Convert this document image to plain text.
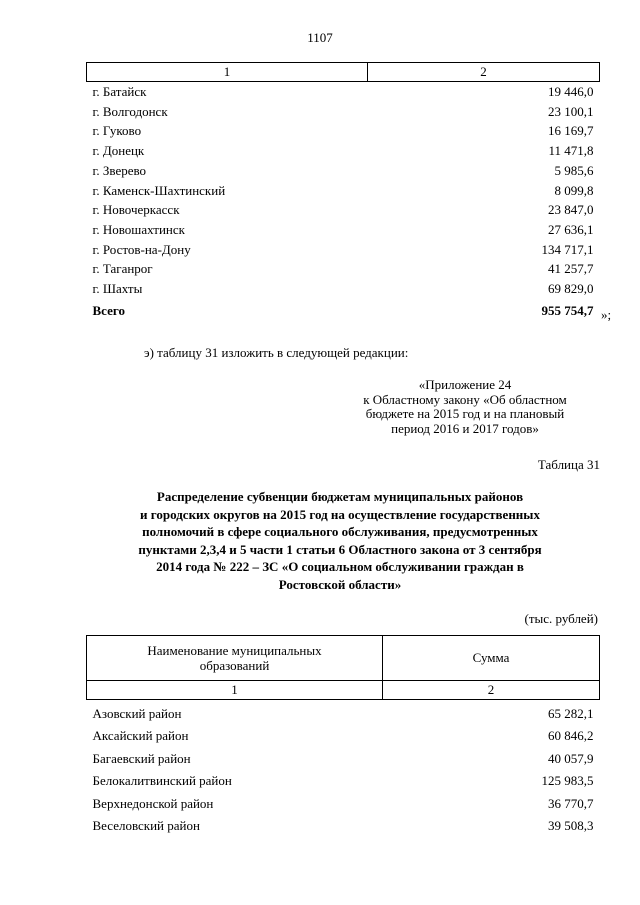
1107
1	2
г. Батайск	19 446,0
г. Волгодонск	23 100,1
г. Гуково	16 169,7
г. Донецк	11 471,8
г. Зверево	5 985,6
г. Каменск-Шахтинский	8 099,8
г. Новочеркасск	23 847,0
г. Новошахтинск	27 636,1
г. Ростов-на-Дону	134 717,1
г. Таганрог	41 257,7
г. Шахты	69 829,0
Всего	955 754,7 »;
э) таблицу 31 изложить в следующей редакции:
«Приложение 24
к Областному закону «Об областном
бюджете на 2015 год и на плановый
период 2016 и 2017 годов»
Таблица 31
Распределение субвенции бюджетам муниципальных районов
и городских округов на 2015 год на осуществление государственных
полномочий в сфере социального обслуживания, предусмотренных
пунктами 2,3,4 и 5 части 1 статьи 6 Областного закона от 3 сентября
2014 года № 222 – ЗС «О социальном обслуживании граждан в
Ростовской области»
(тыс. рублей)
Наименование муниципальных
образований	Сумма
1	2
Азовский район	65 282,1
Аксайский район	60 846,2
Багаевский район	40 057,9
Белокалитвинский район	125 983,5
Верхнедонской район	36 770,7
Веселовский район	39 508,3
